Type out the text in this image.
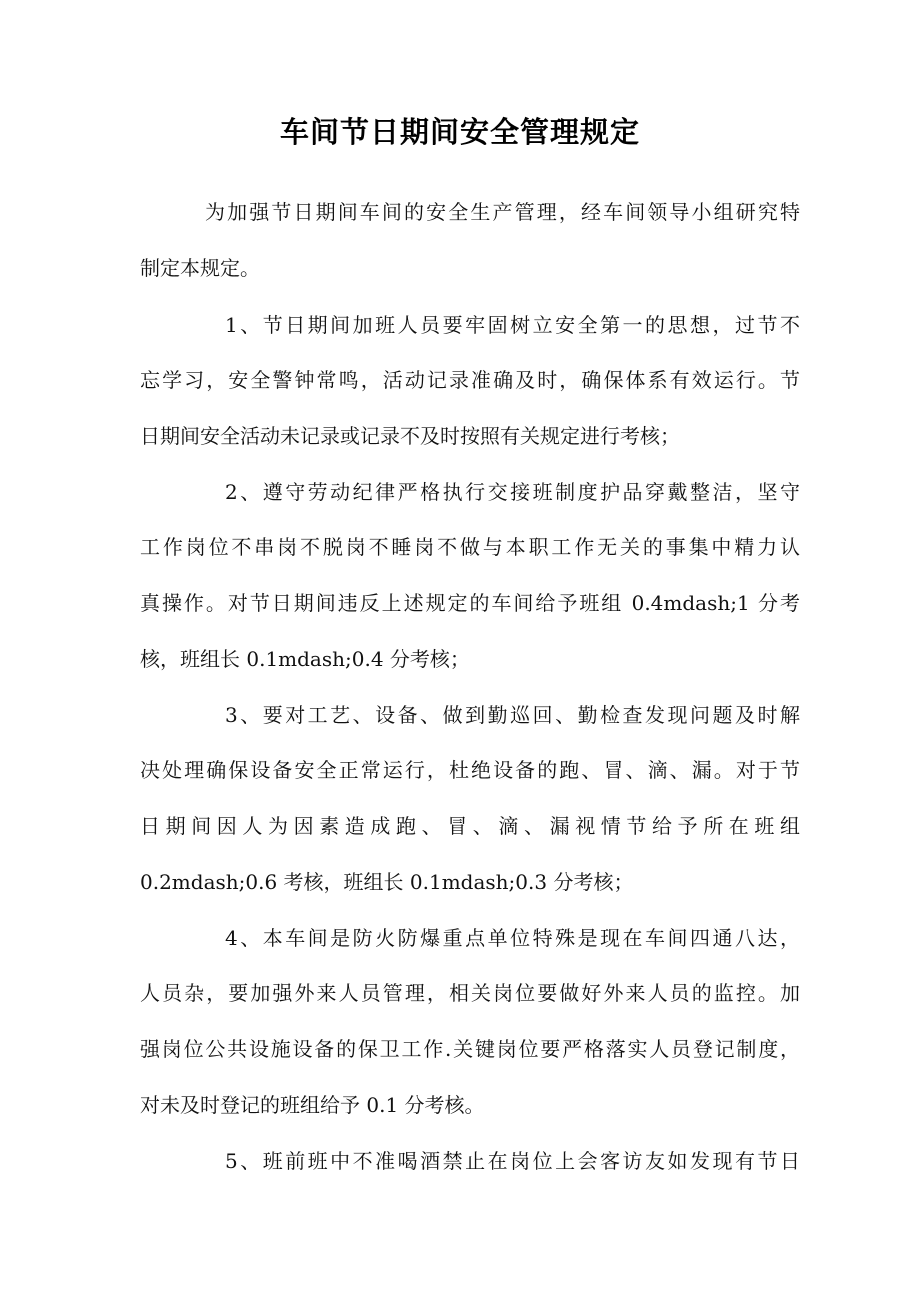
车间节日期间安全管理规定

为加强节日期间车间的安全生产管理，经车间领导小组研究特

制定本规定。

1、节日期间加班人员要牢固树立安全第一的思想，过节不

忘学习，安全警钟常鸣，活动记录准确及时，确保体系有效运行。节

日期间安全活动未记录或记录不及时按照有关规定进行考核；

2、遵守劳动纪律严格执行交接班制度护品穿戴整洁，坚守

工作岗位不串岗不脱岗不睡岗不做与本职工作无关的事集中精力认

真操作。对节日期间违反上述规定的车间给予班组 0.4mdash;1 分考

核，班组长 0.1mdash;0.4 分考核；

3、要对工艺、设备、做到勤巡回、勤检查发现问题及时解

决处理确保设备安全正常运行，杜绝设备的跑、冒、滴、漏。对于节

日期间因人为因素造成跑、冒、滴、漏视情节给予所在班组

0.2mdash;0.6 考核，班组长 0.1mdash;0.3 分考核；

4、本车间是防火防爆重点单位特殊是现在车间四通八达，

人员杂，要加强外来人员管理，相关岗位要做好外来人员的监控。加

强岗位公共设施设备的保卫工作.关键岗位要严格落实人员登记制度，

对未及时登记的班组给予 0.1 分考核。

5、班前班中不准喝酒禁止在岗位上会客访友如发现有节日
